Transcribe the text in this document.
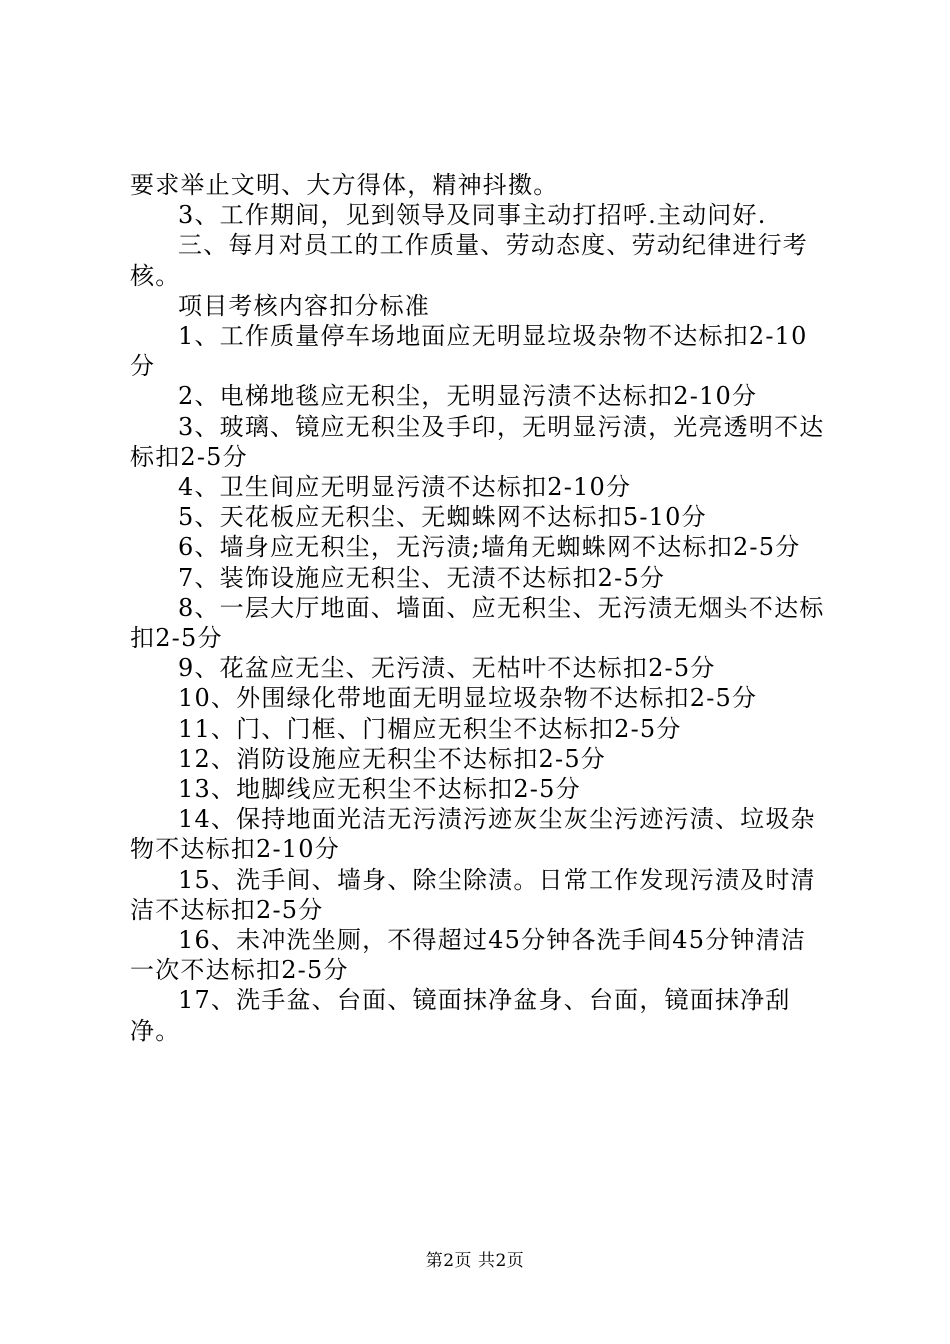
要求举止文明、大方得体，精神抖擞。

3、工作期间，见到领导及同事主动打招呼.主动问好.

三、每月对员工的工作质量、劳动态度、劳动纪律进行考核。

项目考核内容扣分标准

1、工作质量停车场地面应无明显垃圾杂物不达标扣2-10分

2、电梯地毯应无积尘，无明显污渍不达标扣2-10分

3、玻璃、镜应无积尘及手印，无明显污渍，光亮透明不达标扣2-5分

4、卫生间应无明显污渍不达标扣2-10分

5、天花板应无积尘、无蜘蛛网不达标扣5-10分

6、墙身应无积尘，无污渍;墙角无蜘蛛网不达标扣2-5分

7、装饰设施应无积尘、无渍不达标扣2-5分

8、一层大厅地面、墙面、应无积尘、无污渍无烟头不达标扣2-5分

9、花盆应无尘、无污渍、无枯叶不达标扣2-5分

10、外围绿化带地面无明显垃圾杂物不达标扣2-5分

11、门、门框、门楣应无积尘不达标扣2-5分

12、消防设施应无积尘不达标扣2-5分

13、地脚线应无积尘不达标扣2-5分

14、保持地面光洁无污渍污迹灰尘灰尘污迹污渍、垃圾杂物不达标扣2-10分

15、洗手间、墙身、除尘除渍。日常工作发现污渍及时清洁不达标扣2-5分

16、未冲洗坐厕，不得超过45分钟各洗手间45分钟清洁一次不达标扣2-5分

17、洗手盆、台面、镜面抹净盆身、台面，镜面抹净刮净。

第2页 共2页
